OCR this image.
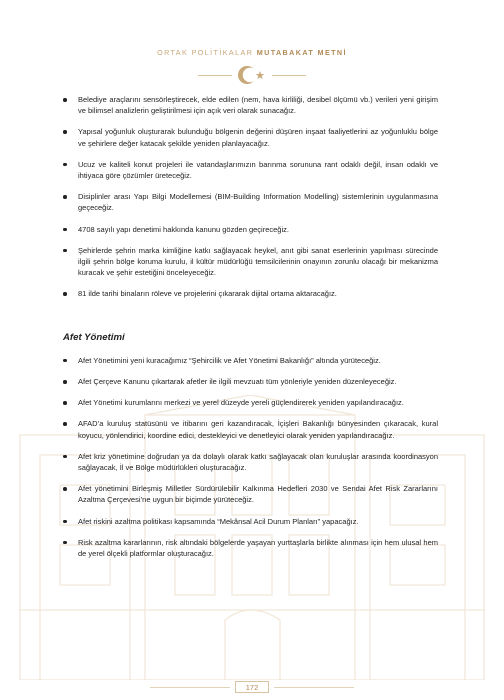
ORTAK POLİTİKALAR MUTABAKAT METNİ
Belediye araçlarını sensörleştirecek, elde edilen (nem, hava kirliliği, desibel ölçümü vb.) verileri yeni girişim ve bilimsel analizlerin geliştirilmesi için açık veri olarak sunacağız.
Yapısal yoğunluk oluşturarak bulunduğu bölgenin değerini düşüren inşaat faaliyetlerini az yoğunluklu bölge ve şehirlere değer katacak şekilde yeniden planlayacağız.
Ucuz ve kaliteli konut projeleri ile vatandaşlarımızın barınma sorununa rant odaklı değil, insan odaklı ve ihtiyaca göre çözümler üreteceğiz.
Disiplinler arası Yapı Bilgi Modellemesi (BIM-Building Information Modelling) sistemlerinin uygulanmasına geçeceğiz.
4708 sayılı yapı denetimi hakkında kanunu gözden geçireceğiz.
Şehirlerde şehrin marka kimliğine katkı sağlayacak heykel, anıt gibi sanat eserlerinin yapılması sürecinde ilgili şehrin bölge koruma kurulu, il kültür müdürlüğü temsilcilerinin onayının zorunlu olacağı bir mekanizma kuracak ve şehir estetiğini önceleyeceğiz.
81 ilde tarihi binaların röleve ve projelerini çıkararak dijital ortama aktaracağız.
Afet Yönetimi
Afet Yönetimini yeni kuracağımız “Şehircilik ve Afet Yönetimi Bakanlığı” altında yürüteceğiz.
Afet Çerçeve Kanunu çıkartarak afetler ile ilgili mevzuatı tüm yönleriyle yeniden düzenleyeceğiz.
Afet Yönetimi kurumlarını merkezi ve yerel düzeyde yereli güçlendirerek yeniden yapılandıracağız.
AFAD’a kuruluş statüsünü ve itibarını geri kazandıracak, İçişleri Bakanlığı bünyesinden çıkaracak, kural koyucu, yönlendirici, koordine edici, destekleyici ve denetleyici olarak yeniden yapılandıracağız.
Afet kriz yönetimine doğrudan ya da dolaylı olarak katkı sağlayacak olan kuruluşlar arasında koordinasyon sağlayacak, İl ve Bölge müdürlükleri oluşturacağız.
Afet yönetimini Birleşmiş Milletler Sürdürülebilir Kalkınma Hedefleri 2030 ve Sendai Afet Risk Zararlarını Azaltma Çerçevesi’ne uygun bir biçimde yürüteceğiz.
Afet riskini azaltma politikası kapsamında “Mekânsal Acil Durum Planları” yapacağız.
Risk azaltma kararlarının, risk altındaki bölgelerde yaşayan yurttaşlarla birlikte alınması için hem ulusal hem de yerel ölçekli platformlar oluşturacağız.
172
